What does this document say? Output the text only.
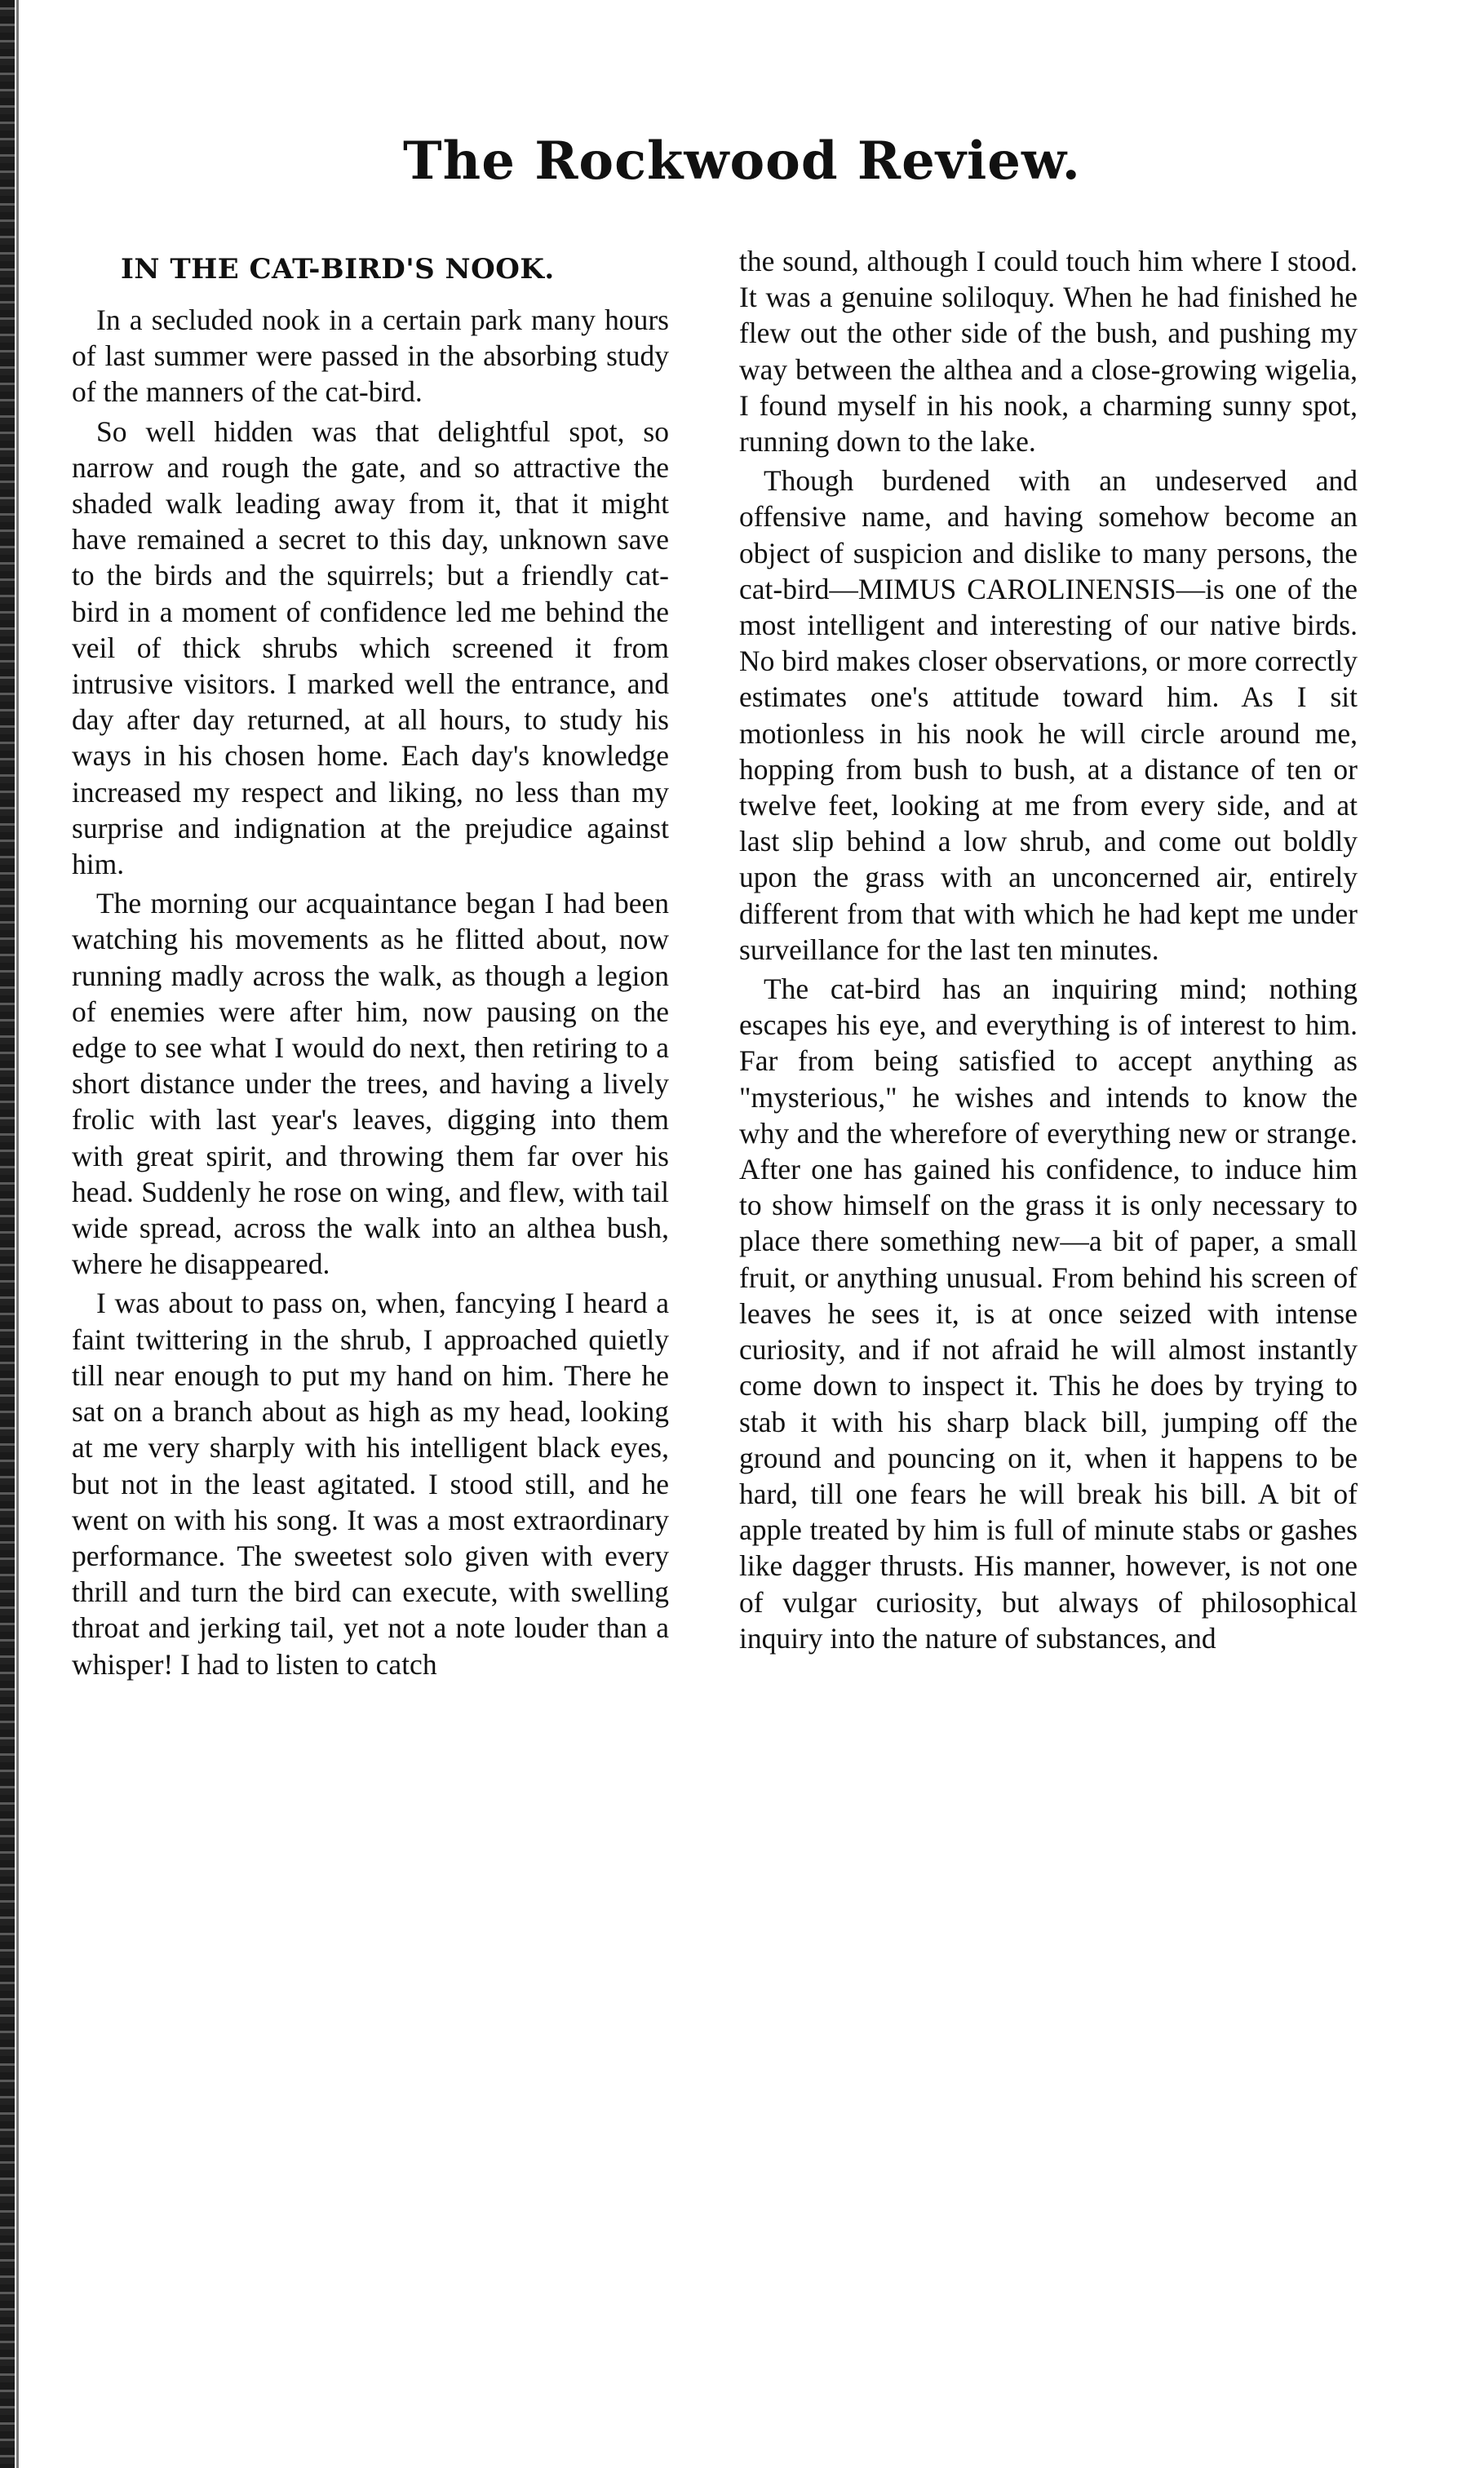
The Rockwood Review.
IN THE CAT-BIRD'S NOOK.

In a secluded nook in a certain park many hours of last summer were passed in the absorbing study of the manners of the cat-bird.

So well hidden was that delightful spot, so narrow and rough the gate, and so attractive the shaded walk leading away from it, that it might have remained a secret to this day, unknown save to the birds and the squirrels; but a friendly cat-bird in a moment of confidence led me behind the veil of thick shrubs which screened it from intrusive visitors. I marked well the entrance, and day after day returned, at all hours, to study his ways in his chosen home. Each day's knowledge increased my respect and liking, no less than my surprise and indignation at the prejudice against him.

The morning our acquaintance began I had been watching his movements as he flitted about, now running madly across the walk, as though a legion of enemies were after him, now pausing on the edge to see what I would do next, then retiring to a short distance under the trees, and having a lively frolic with last year's leaves, digging into them with great spirit, and throwing them far over his head. Suddenly he rose on wing, and flew, with tail wide spread, across the walk into an althea bush, where he disappeared.

I was about to pass on, when, fancying I heard a faint twittering in the shrub, I approached quietly till near enough to put my hand on him. There he sat on a branch about as high as my head, looking at me very sharply with his intelligent black eyes, but not in the least agitated. I stood still, and he went on with his song. It was a most extraordinary performance. The sweetest solo given with every thrill and turn the bird can execute, with swelling throat and jerking tail, yet not a note louder than a whisper! I had to listen to catch

the sound, although I could touch him where I stood. It was a genuine soliloquy. When he had finished he flew out the other side of the bush, and pushing my way between the althea and a close-growing wigelia, I found myself in his nook, a charming sunny spot, running down to the lake.

Though burdened with an undeserved and offensive name, and having somehow become an object of suspicion and dislike to many persons, the cat-bird—MIMUS CAROLINENSIS—is one of the most intelligent and interesting of our native birds. No bird makes closer observations, or more correctly estimates one's attitude toward him. As I sit motionless in his nook he will circle around me, hopping from bush to bush, at a distance of ten or twelve feet, looking at me from every side, and at last slip behind a low shrub, and come out boldly upon the grass with an unconcerned air, entirely different from that with which he had kept me under surveillance for the last ten minutes.

The cat-bird has an inquiring mind; nothing escapes his eye, and everything is of interest to him. Far from being satisfied to accept anything as "mysterious," he wishes and intends to know the why and the wherefore of everything new or strange. After one has gained his confidence, to induce him to show himself on the grass it is only necessary to place there something new—a bit of paper, a small fruit, or anything unusual. From behind his screen of leaves he sees it, is at once seized with intense curiosity, and if not afraid he will almost instantly come down to inspect it. This he does by trying to stab it with his sharp black bill, jumping off the ground and pouncing on it, when it happens to be hard, till one fears he will break his bill. A bit of apple treated by him is full of minute stabs or gashes like dagger thrusts. His manner, however, is not one of vulgar curiosity, but always of philosophical inquiry into the nature of substances, and
